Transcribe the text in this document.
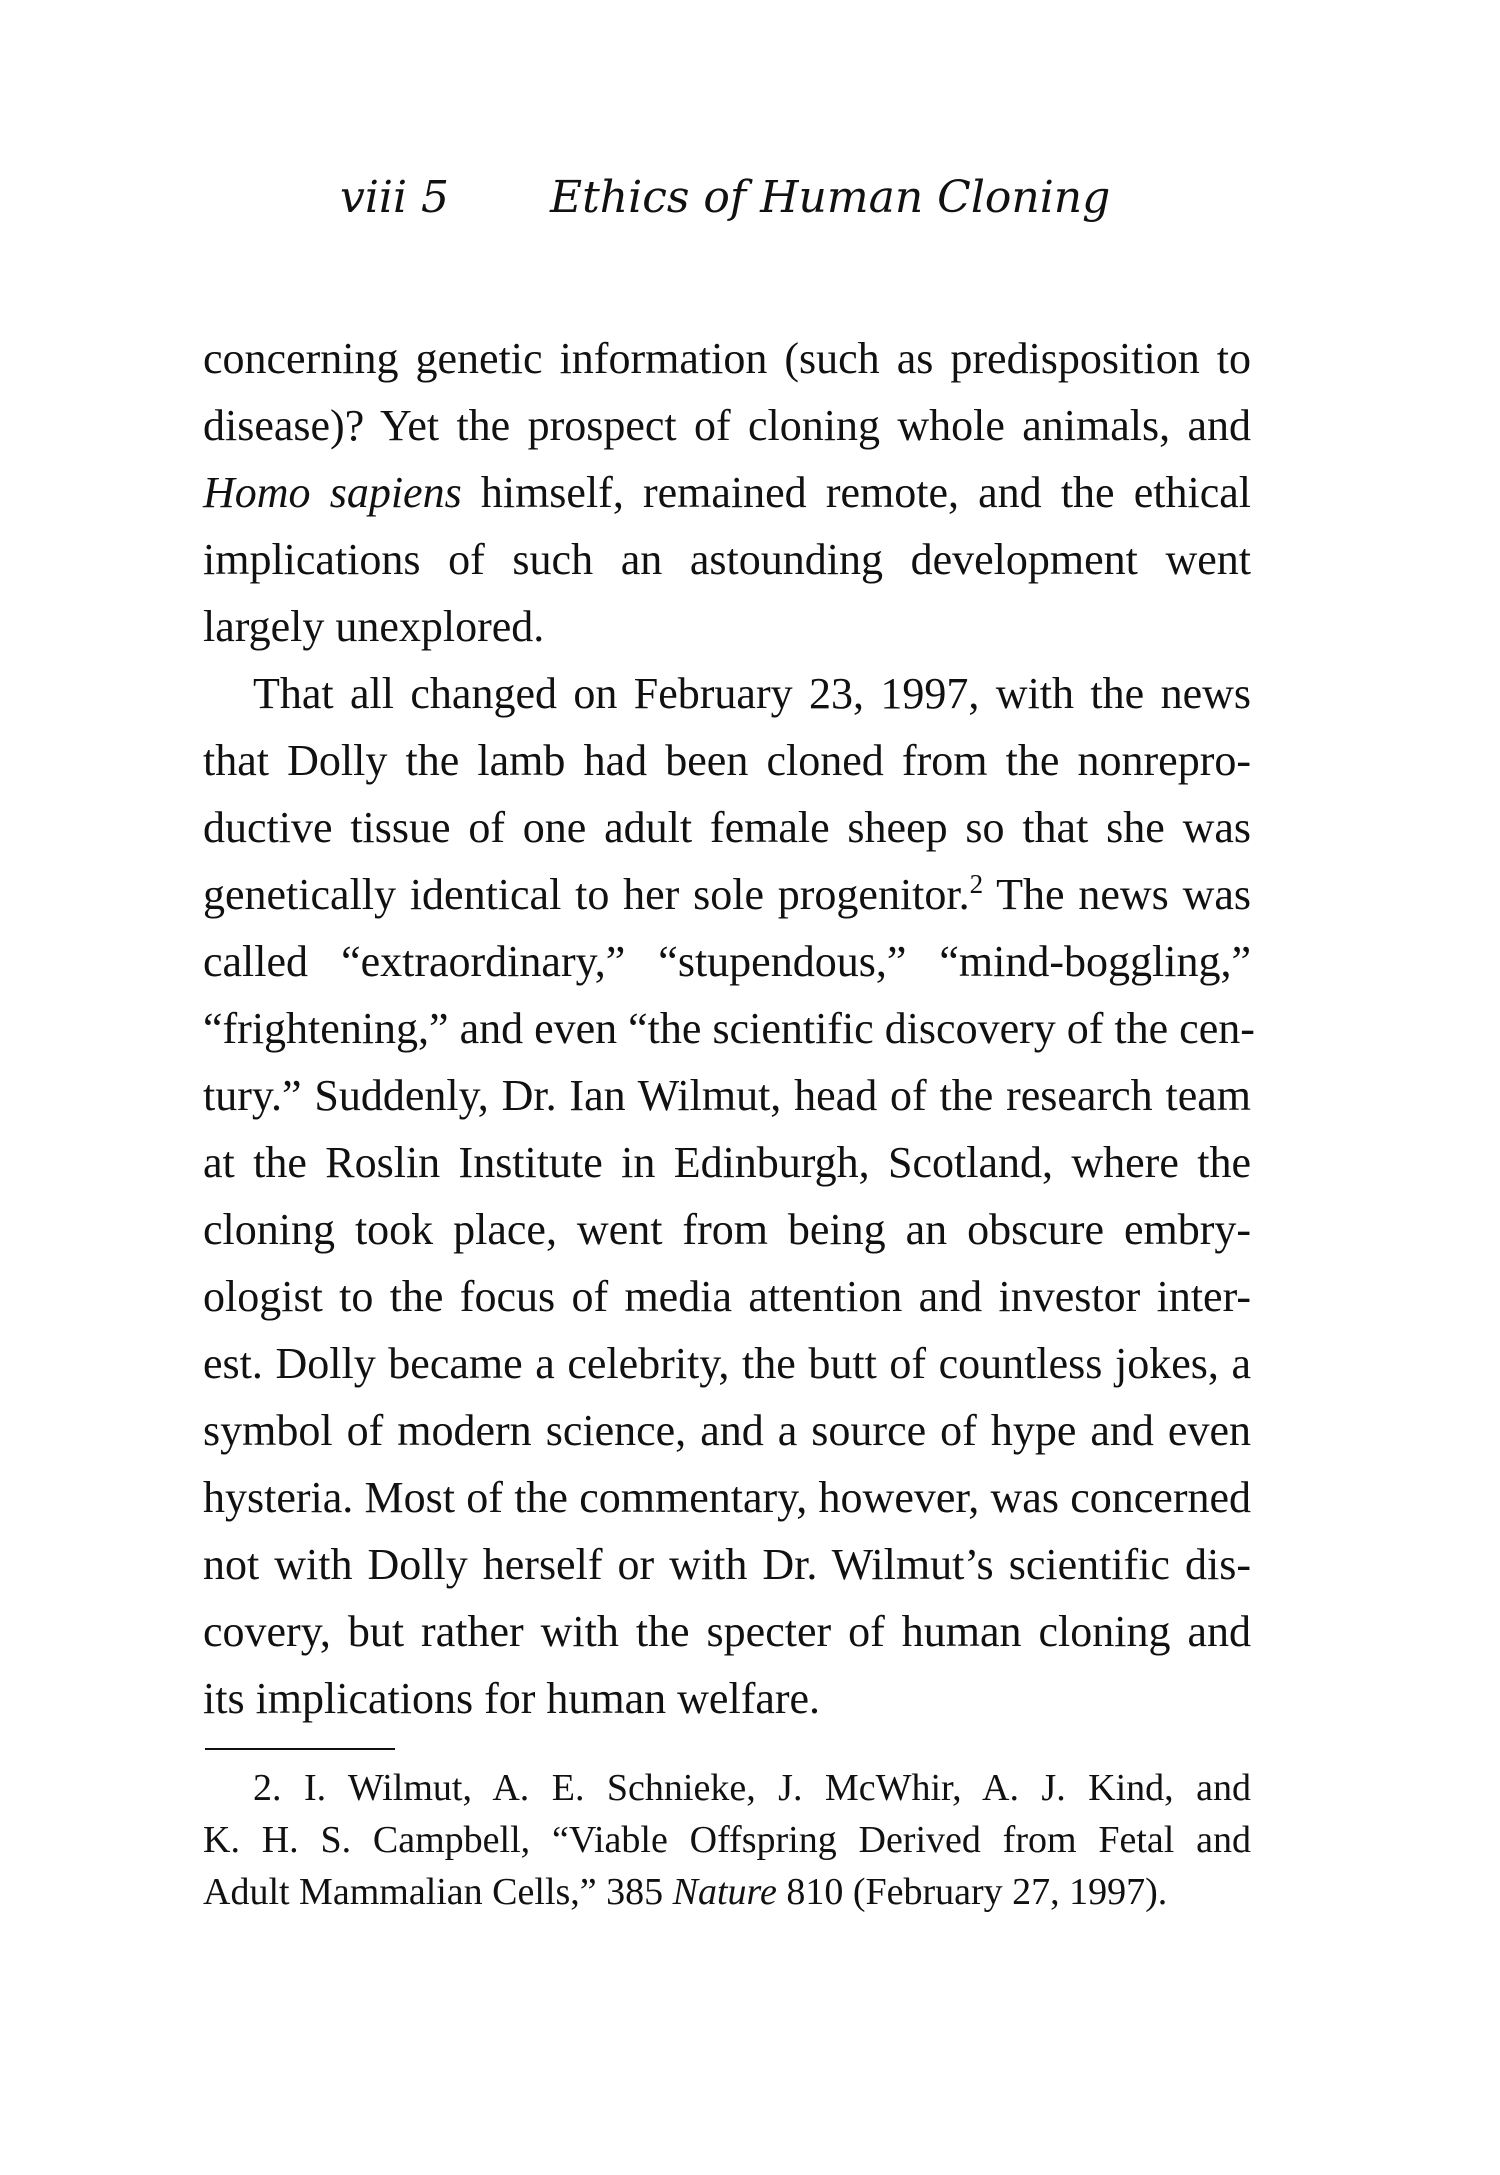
viii 5 Ethics of Human Cloning

concerning genetic information (such as predisposition to
disease)? Yet the prospect of cloning whole animals, and
Homo sapiens himself, remained remote, and the ethical
implications of such an astounding development went
largely unexplored.

That all changed on February 23, 1997, with the news
that Dolly the lamb had been cloned from the nonrepro-
ductive tissue of one adult female sheep so that she was
genetically identical to her sole progenitor.$^2$ The news was
called “extraordinary,” “stupendous,” “mind-boggling,”
“frightening,” and even “the scientific discovery of the cen-
tury.” Suddenly, Dr. Ian Wilmut, head of the research team
at the Roslin Institute in Edinburgh, Scotland, where the
cloning took place, went from being an obscure embry-
ologist to the focus of media attention and investor inter-
est. Dolly became a celebrity, the butt of countless jokes, a
symbol of modern science, and a source of hype and even
hysteria. Most of the commentary, however, was concerned
not with Dolly herself or with Dr. Wilmut’s scientific dis-
covery, but rather with the specter of human cloning and
its implications for human welfare.

2. I. Wilmut, A. E. Schnieke, J. McWhir, A. J. Kind, and
K. H. S. Campbell, “Viable Offspring Derived from Fetal and
Adult Mammalian Cells,” 385 Nature 810 (February 27, 1997).
